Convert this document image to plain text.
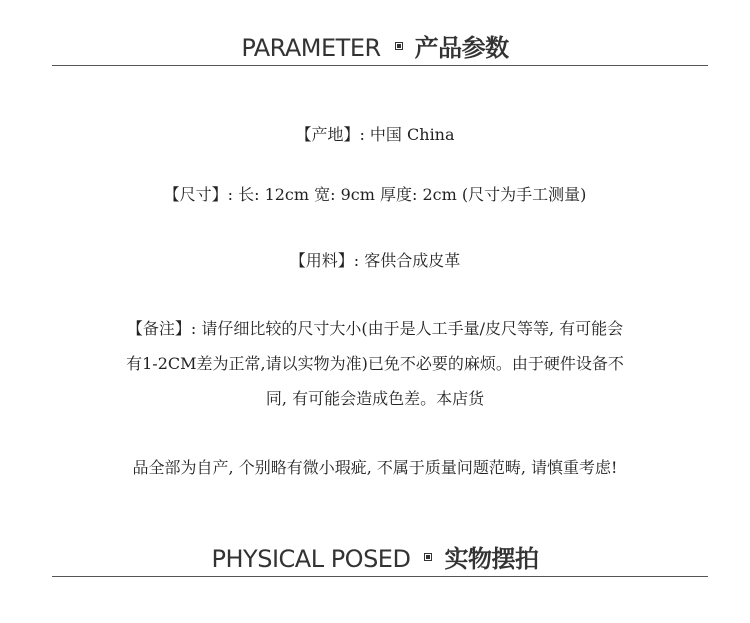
PARAMETER 产品参数
【产地】: 中国 China
【尺寸】: 长: 12cm 宽: 9cm 厚度: 2cm (尺寸为手工测量)
【用料】: 客供合成皮革
【备注】: 请仔细比较的尺寸大小(由于是人工手量/皮尺等等, 有可能会
有1-2CM差为正常,请以实物为准)已免不必要的麻烦。由于硬件设备不
同, 有可能会造成色差。本店货
品全部为自产, 个别略有微小瑕疵, 不属于质量问题范畴, 请慎重考虑!
PHYSICAL POSED 实物摆拍
